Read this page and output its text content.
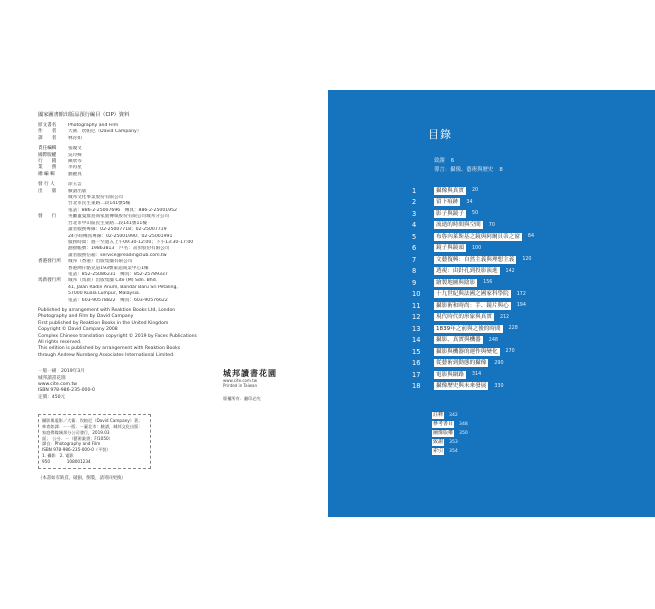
國家圖書館出版品預行編目（CIP）資料
原文書名	Photography and Film
作　　者	大衛．坎帕尼（David Campany）
譯　　者	林育如
責任編輯	張瓊文
國際版權	吳玲緯
行　　銷	陳欣岑
業　　務	李再星
總 編 輯	劉麗真
發 行 人	涂玉雲
出　　版	臉譜出版
城邦文化事業股份有限公司
台北市民生東路二段141號5樓
電話：886-2-25007696　傳真：886-2-25001952
發　　行	英屬蓋曼群島商家庭傳媒股份有限公司城邦分公司
台北市中山區民生東路二段141號11樓
讀者服務專線：02-25007718；02-25007719
24小時傳真專線：02-25001990；02-25001991
服務時間：週一至週五上午09:30-12:00；下午13:30-17:00
劃撥帳號：19863813　戶名：書虫股份有限公司
讀者服務信箱：service@readingclub.com.tw
香港發行所	城邦（香港）出版集團有限公司
香港灣仔駱克道193號東超商業中心1樓
電話：852-25086231　傳真：852-25789337
馬新發行所	城邦（馬新）出版集團 Cite (M) Sdn. Bhd.
41, Jalan Radin Anum, Bandar Baru Sri Petaling,
57000 Kuala Lumpur, Malaysia.
電話：603-90578822　傳真：603-90576622
Published by arrangement with Reaktion Books Ltd, London
Photography and Film by David Campany
First published by Reaktion Books in the United Kingdom
Copyright © David Campany 2008
Complex Chinese translation copyright © 2019 by Faces Publications
All rights reserved.
This edition is published by arrangement with Reaktion Books
through Andrew Nurnberg Associates International Limited.
一版一刷　2019年3月
城邦讀書花園
www.cite.com.tw
ISBN 978-986-235-000-0
定價：450元
城邦讀書花園
www.cite.com.tw
Printed in Taiwan
版權所有．翻印必究
攝影與電影／大衛．坎帕尼（David Campany）著；
林育如譯．－一版．－臺北市：臉譜，城邦文化出版：
家庭傳媒城邦分公司發行，2019.03
面；　公分．－（藝術叢書；FI1050）
譯自：Photography and Film
ISBN 978-986-235-000-0（平裝）
1. 攝影　2. 電影
950　　　　108001234
（本書如有缺頁、破損、倒裝，請寄回更換）
目錄
致謝 6
導言：攝像、藝術與歷史 8
1	攝像與真實	20
2	留下痕跡	34
3	影子與鏡子	50
4	流逝的時間與空間	70
5	布魯內萊斯基之鏡與阿爾貝蒂之窗	84
6	鏡子與鏡頭	100
7	文藝復興：自然主義與理想主義	120
8	透視：由針孔到投影演進	142
9	繪製地圖與陰影	156
10	十九世紀與法國之國家科學院	172
11	攝影術和時尚：手、鏡片與心	194
12	現代時代的形象與真實	212
13	1839年之前與之後的時間	228
14	攝影、真實與機器	248
15	攝影與機器的運作與變化	270
16	從藝術到動態的攝像	290
17	電影與網路	314
18	攝像歷史與未來發展	330
註釋 342
參考書目 348
圖像版權 350
致謝 353
索引 354
